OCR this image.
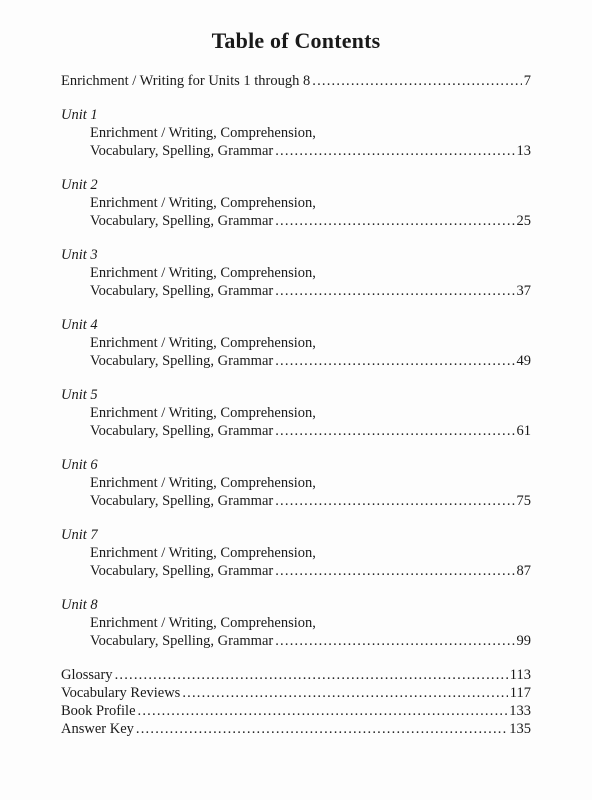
Table of Contents
Enrichment / Writing for Units 1 through 8 .....	7
Unit 1
Enrichment / Writing, Comprehension,
Vocabulary, Spelling, Grammar .....	13
Unit 2
Enrichment / Writing, Comprehension,
Vocabulary, Spelling, Grammar .....	25
Unit 3
Enrichment / Writing, Comprehension,
Vocabulary, Spelling, Grammar .....	37
Unit 4
Enrichment / Writing, Comprehension,
Vocabulary, Spelling, Grammar .....	49
Unit 5
Enrichment / Writing, Comprehension,
Vocabulary, Spelling, Grammar .....	61
Unit 6
Enrichment / Writing, Comprehension,
Vocabulary, Spelling, Grammar .....	75
Unit 7
Enrichment / Writing, Comprehension,
Vocabulary, Spelling, Grammar .....	87
Unit 8
Enrichment / Writing, Comprehension,
Vocabulary, Spelling, Grammar .....	99
Glossary .....	113
Vocabulary Reviews .....	117
Book Profile .....	133
Answer Key .....	135
